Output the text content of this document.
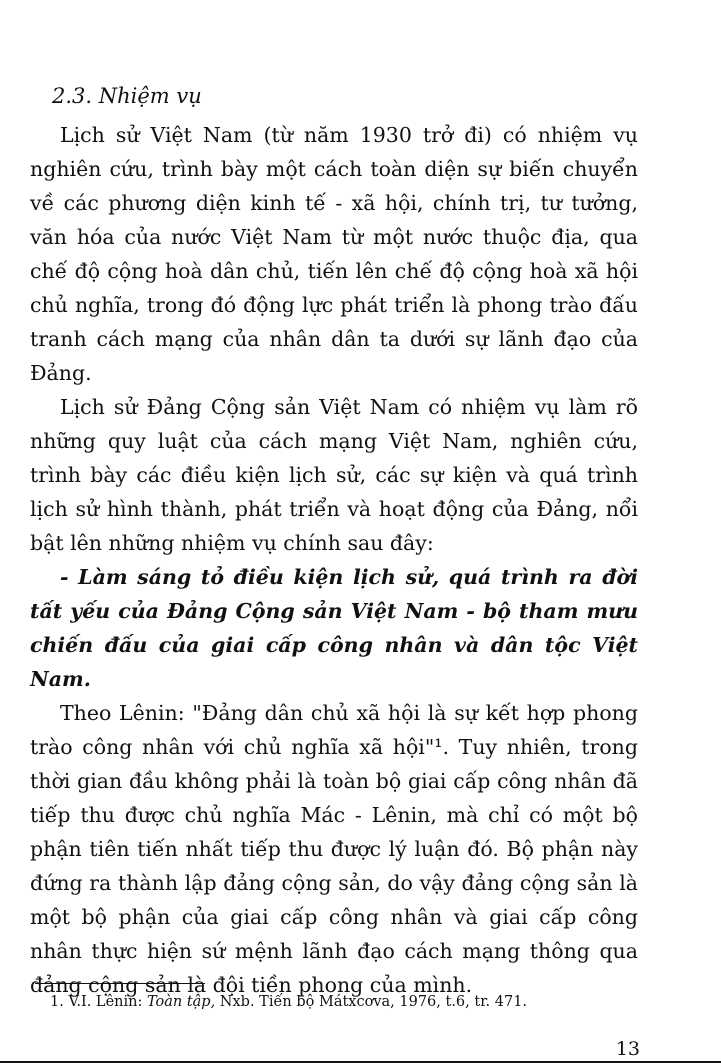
2.3. Nhiệm vụ

Lịch sử Việt Nam (từ năm 1930 trở đi) có nhiệm vụ nghiên cứu, trình bày một cách toàn diện sự biến chuyển về các phương diện kinh tế - xã hội, chính trị, tư tưởng, văn hóa của nước Việt Nam từ một nước thuộc địa, qua chế độ cộng hoà dân chủ, tiến lên chế độ cộng hoà xã hội chủ nghĩa, trong đó động lực phát triển là phong trào đấu tranh cách mạng của nhân dân ta dưới sự lãnh đạo của Đảng.

Lịch sử Đảng Cộng sản Việt Nam có nhiệm vụ làm rõ những quy luật của cách mạng Việt Nam, nghiên cứu, trình bày các điều kiện lịch sử, các sự kiện và quá trình lịch sử hình thành, phát triển và hoạt động của Đảng, nổi bật lên những nhiệm vụ chính sau đây:

- Làm sáng tỏ điều kiện lịch sử, quá trình ra đời tất yếu của Đảng Cộng sản Việt Nam - bộ tham mưu chiến đấu của giai cấp công nhân và dân tộc Việt Nam.

Theo Lênin: "Đảng dân chủ xã hội là sự kết hợp phong trào công nhân với chủ nghĩa xã hội"¹. Tuy nhiên, trong thời gian đầu không phải là toàn bộ giai cấp công nhân đã tiếp thu được chủ nghĩa Mác - Lênin, mà chỉ có một bộ phận tiên tiến nhất tiếp thu được lý luận đó. Bộ phận này đứng ra thành lập đảng cộng sản, do vậy đảng cộng sản là một bộ phận của giai cấp công nhân và giai cấp công nhân thực hiện sứ mệnh lãnh đạo cách mạng thông qua đảng cộng sản là đội tiền phong của mình.

1. V.I. Lênin: Toàn tập, Nxb. Tiến bộ Mátxcơva, 1976, t.6, tr. 471.
13
